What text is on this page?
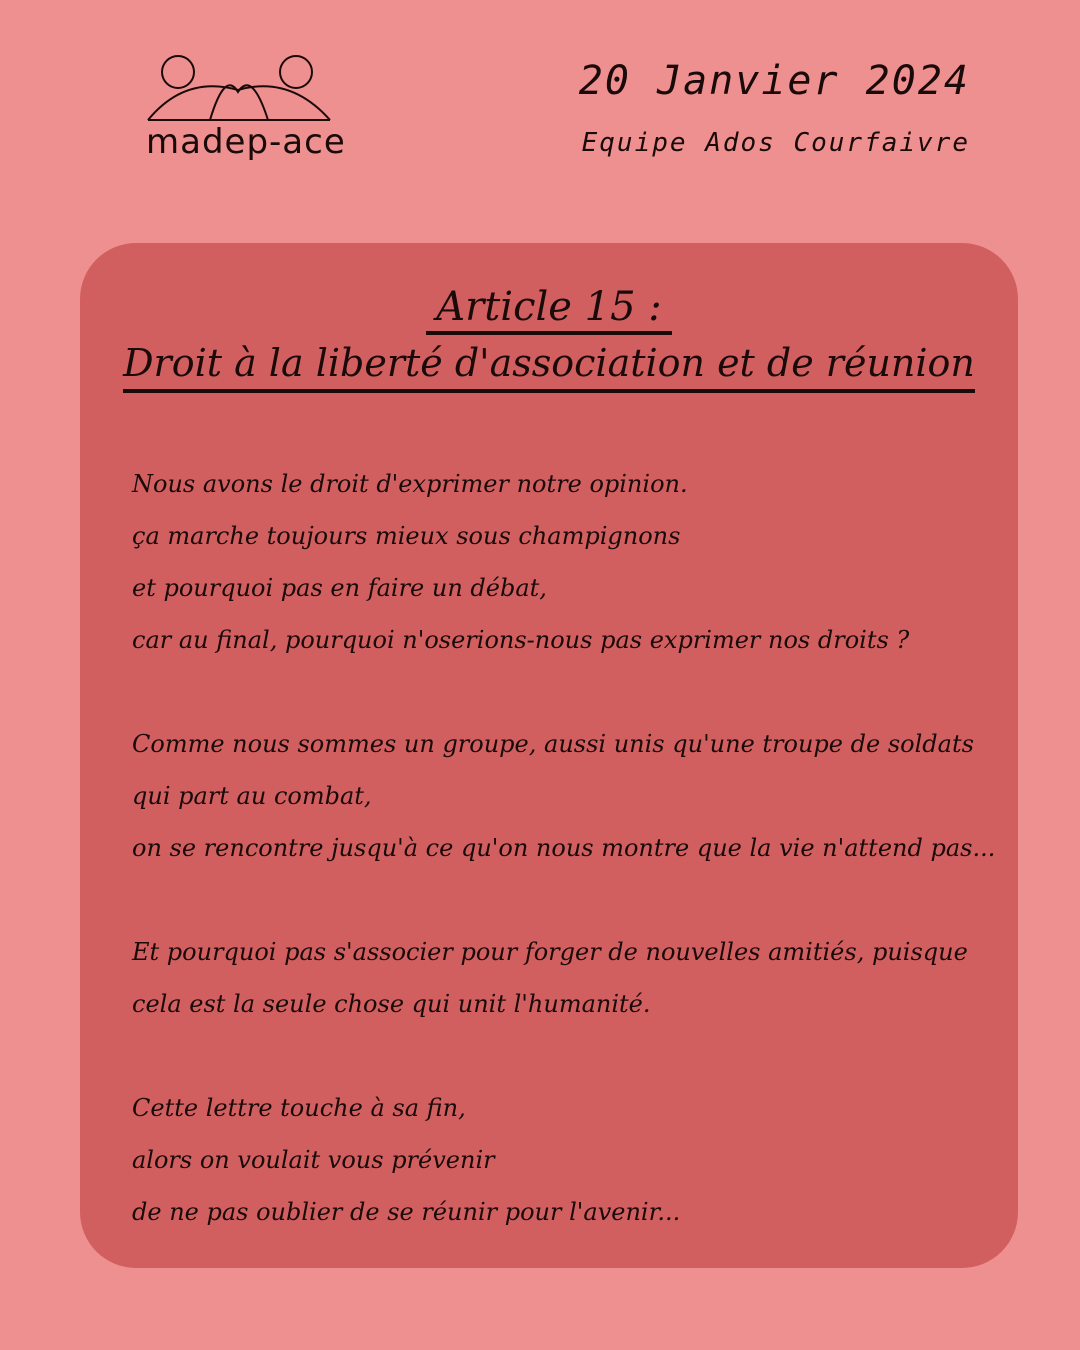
madep-ace
20 Janvier 2024
Equipe Ados Courfaivre
Article 15 :
Droit à la liberté d'association et de réunion
Nous avons le droit d'exprimer notre opinion.
ça marche toujours mieux sous champignons
et pourquoi pas en faire un débat,
car au final, pourquoi n'oserions-nous pas exprimer nos droits ?
Comme nous sommes un groupe, aussi unis qu'une troupe de soldats qui part au combat,
on se rencontre jusqu'à ce qu'on nous montre que la vie n'attend pas...
Et pourquoi pas s'associer pour forger de nouvelles amitiés, puisque cela est la seule chose qui unit l'humanité.
Cette lettre touche à sa fin,
alors on voulait vous prévenir
de ne pas oublier de se réunir pour l'avenir...
